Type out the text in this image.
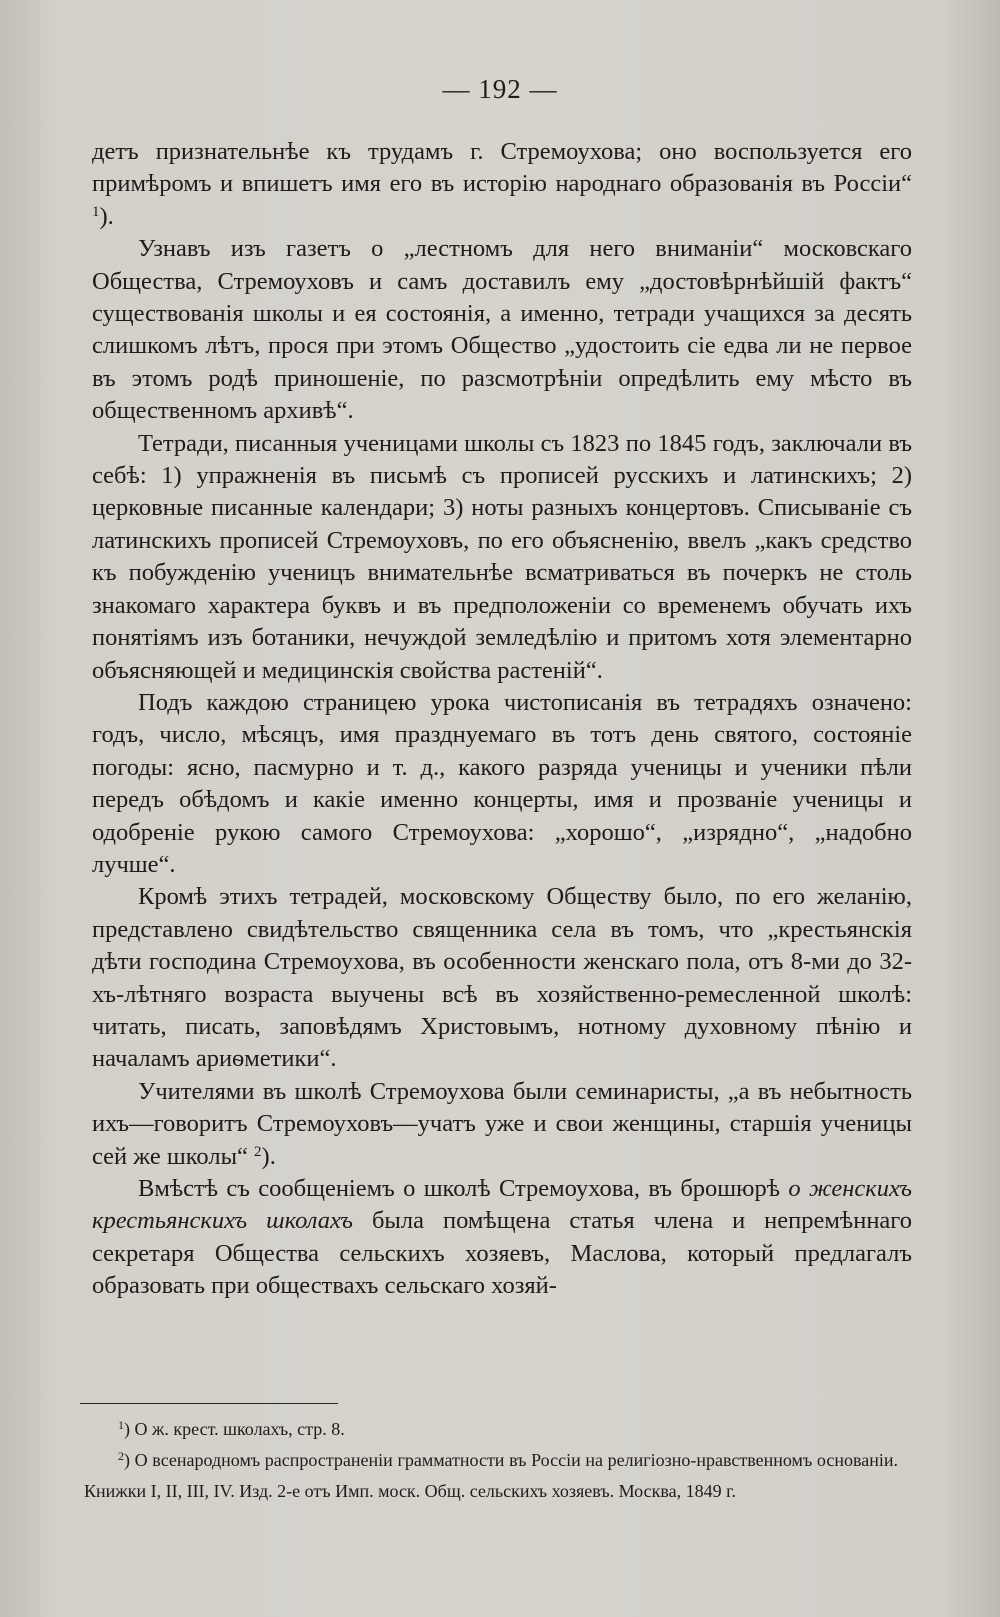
— 192 —

детъ признательнѣе къ трудамъ г. Стремоухова; оно воспользуется его примѣромъ и впишетъ имя его въ исторію народнаго образованія въ Россіи“ $^1$).

Узнавъ изъ газетъ о „лестномъ для него вниманіи“ московскаго Общества, Стремоуховъ и самъ доставилъ ему „достовѣрнѣйшій фактъ“ существованія школы и ея состоянія, а именно, тетради учащихся за десять слишкомъ лѣтъ, прося при этомъ Общество „удостоить сіе едва ли не первое въ этомъ родѣ приношеніе, по разсмотрѣніи опредѣлить ему мѣсто въ общественномъ архивѣ“.

Тетради, писанныя ученицами школы съ 1823 по 1845 годъ, заключали въ себѣ: 1) упражненія въ письмѣ съ прописей русскихъ и латинскихъ; 2) церковные писанные календари; 3) ноты разныхъ концертовъ. Списываніе съ латинскихъ прописей Стремоуховъ, по его объясненію, ввелъ „какъ средство къ побужденію ученицъ внимательнѣе всматриваться въ почеркъ не столь знакомаго характера буквъ и въ предположеніи со временемъ обучать ихъ понятіямъ изъ ботаники, нечуждой земледѣлію и притомъ хотя элементарно объясняющей и медицинскія свойства растеній“.

Подъ каждою страницею урока чистописанія въ тетрадяхъ означено: годъ, число, мѣсяцъ, имя празднуемаго въ тотъ день святого, состояніе погоды: ясно, пасмурно и т. д., какого разряда ученицы и ученики пѣли передъ обѣдомъ и какіе именно концерты, имя и прозваніе ученицы и одобреніе рукою самого Стремоухова: „хорошо“, „изрядно“, „надобно лучше“.

Кромѣ этихъ тетрадей, московскому Обществу было, по его желанію, представлено свидѣтельство священника села въ томъ, что „крестьянскія дѣти господина Стремоухова, въ особенности женскаго пола, отъ 8-ми до 32-хъ-лѣтняго возраста выучены всѣ въ хозяйственно-ремесленной школѣ: читать, писать, заповѣдямъ Христовымъ, нотному духовному пѣнію и началамъ ариѳметики“.

Учителями въ школѣ Стремоухова были семинаристы, „а въ небытность ихъ—говоритъ Стремоуховъ—учатъ уже и свои женщины, старшія ученицы сей же школы“ $^2$).

Вмѣстѣ съ сообщеніемъ о школѣ Стремоухова, въ брошюрѣ о женскихъ крестьянскихъ школахъ была помѣщена статья члена и непремѣннаго секретаря Общества сельскихъ хозяевъ, Маслова, который предлагалъ образовать при обществахъ сельскаго хозяй-

$^1$) О ж. крест. школахъ, стр. 8.

$^2$) О всенародномъ распространеніи грамматности въ Россіи на религіозно-нравственномъ основаніи. Книжки I, II, III, IV. Изд. 2-е отъ Имп. моск. Общ. сельскихъ хозяевъ. Москва, 1849 г.
